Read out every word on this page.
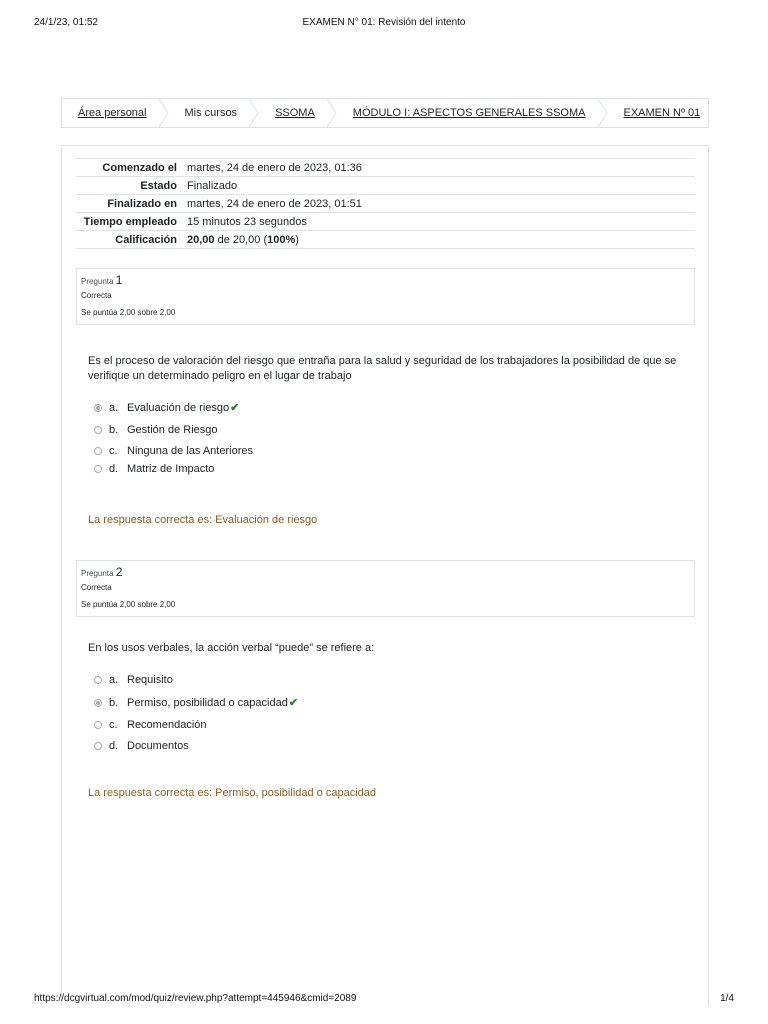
24/1/23, 01:52	EXAMEN N° 01: Revisión del intento
Área personal	Mis cursos	SSOMA	MÓDULO I: ASPECTOS GENERALES SSOMA	EXAMEN Nº 01
Comenzado el	martes, 24 de enero de 2023, 01:36
Estado	Finalizado
Finalizado en	martes, 24 de enero de 2023, 01:51
Tiempo empleado	15 minutos 23 segundos
Calificación	20,00 de 20,00 (100%)
Pregunta 1
Correcta
Se puntúa 2,00 sobre 2,00
Es el proceso de valoración del riesgo que entraña para la salud y seguridad de los trabajadores la posibilidad de que se verifique un determinado peligro en el lugar de trabajo
a. Evaluación de riesgo ✔
b. Gestión de Riesgo
c. Ninguna de las Anteriores
d. Matriz de Impacto
La respuesta correcta es: Evaluación de riesgo
Pregunta 2
Correcta
Se puntúa 2,00 sobre 2,00
En los usos verbales, la acción verbal “puede” se refiere a:
a. Requisito
b. Permiso, posibilidad o capacidad ✔
c. Recomendación
d. Documentos
La respuesta correcta es: Permiso, posibilidad o capacidad
https://dcgvirtual.com/mod/quiz/review.php?attempt=445946&cmid=2089	1/4
